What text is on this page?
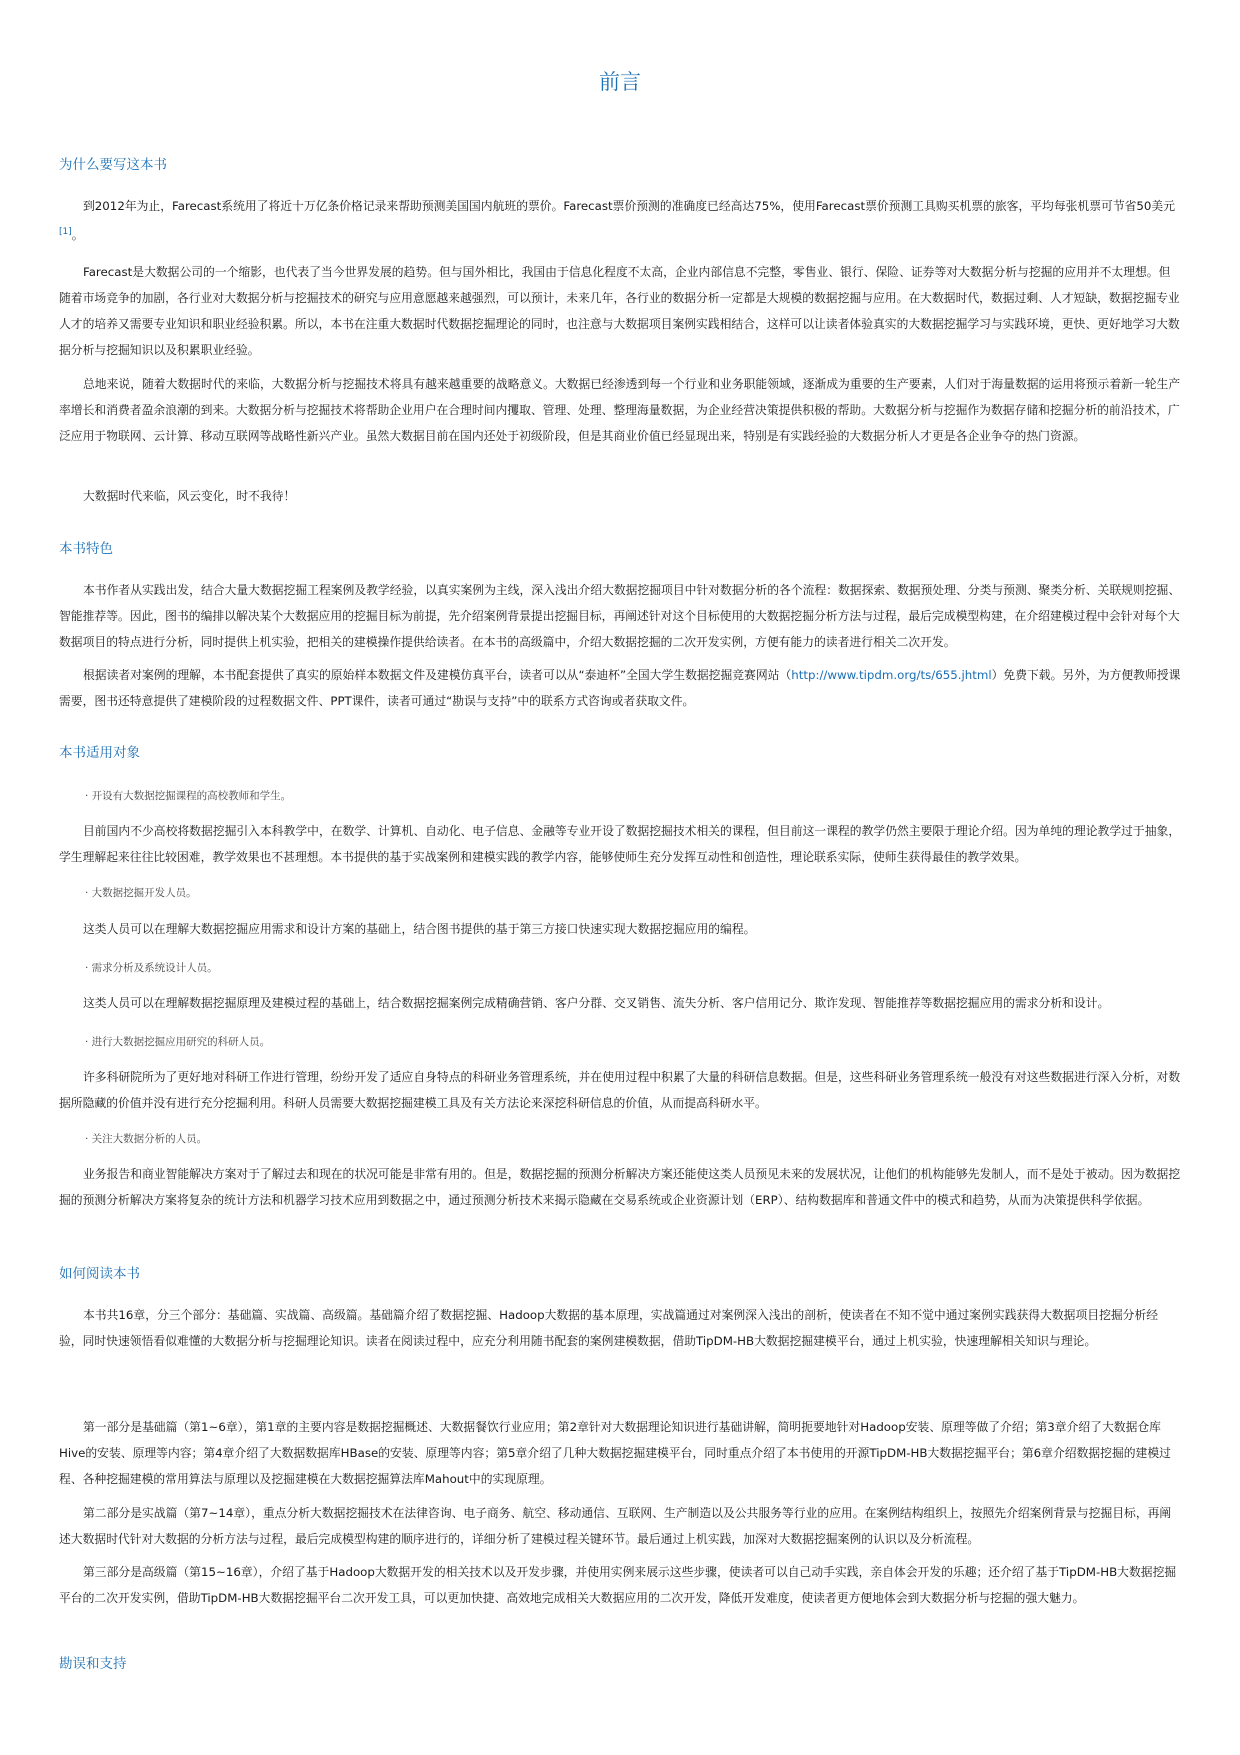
前言
为什么要写这本书

到2012年为止，Farecast系统用了将近十万亿条价格记录来帮助预测美国国内航班的票价。Farecast票价预测的准确度已经高达75%，使用Farecast票价预测工具购买机票的旅客，平均每张机票可节省50美元[1]。

Farecast是大数据公司的一个缩影，也代表了当今世界发展的趋势。但与国外相比，我国由于信息化程度不太高，企业内部信息不完整，零售业、银行、保险、证券等对大数据分析与挖掘的应用并不太理想。但随着市场竞争的加剧，各行业对大数据分析与挖掘技术的研究与应用意愿越来越强烈，可以预计，未来几年，各行业的数据分析一定都是大规模的数据挖掘与应用。在大数据时代，数据过剩、人才短缺，数据挖掘专业人才的培养又需要专业知识和职业经验积累。所以，本书在注重大数据时代数据挖掘理论的同时，也注意与大数据项目案例实践相结合，这样可以让读者体验真实的大数据挖掘学习与实践环境，更快、更好地学习大数据分析与挖掘知识以及积累职业经验。

总地来说，随着大数据时代的来临，大数据分析与挖掘技术将具有越来越重要的战略意义。大数据已经渗透到每一个行业和业务职能领域，逐渐成为重要的生产要素，人们对于海量数据的运用将预示着新一轮生产率增长和消费者盈余浪潮的到来。大数据分析与挖掘技术将帮助企业用户在合理时间内攫取、管理、处理、整理海量数据，为企业经营决策提供积极的帮助。大数据分析与挖掘作为数据存储和挖掘分析的前沿技术，广泛应用于物联网、云计算、移动互联网等战略性新兴产业。虽然大数据目前在国内还处于初级阶段，但是其商业价值已经显现出来，特别是有实践经验的大数据分析人才更是各企业争夺的热门资源。

大数据时代来临，风云变化，时不我待！

本书特色

本书作者从实践出发，结合大量大数据挖掘工程案例及教学经验，以真实案例为主线，深入浅出介绍大数据挖掘项目中针对数据分析的各个流程：数据探索、数据预处理、分类与预测、聚类分析、关联规则挖掘、智能推荐等。因此，图书的编排以解决某个大数据应用的挖掘目标为前提，先介绍案例背景提出挖掘目标，再阐述针对这个目标使用的大数据挖掘分析方法与过程，最后完成模型构建，在介绍建模过程中会针对每个大数据项目的特点进行分析，同时提供上机实验，把相关的建模操作提供给读者。在本书的高级篇中，介绍大数据挖掘的二次开发实例，方便有能力的读者进行相关二次开发。

根据读者对案例的理解，本书配套提供了真实的原始样本数据文件及建模仿真平台，读者可以从“泰迪杯”全国大学生数据挖掘竞赛网站（http://www.tipdm.org/ts/655.jhtml）免费下载。另外，为方便教师授课需要，图书还特意提供了建模阶段的过程数据文件、PPT课件，读者可通过“勘误与支持”中的联系方式咨询或者获取文件。

本书适用对象

· 开设有大数据挖掘课程的高校教师和学生。

目前国内不少高校将数据挖掘引入本科教学中，在数学、计算机、自动化、电子信息、金融等专业开设了数据挖掘技术相关的课程，但目前这一课程的教学仍然主要限于理论介绍。因为单纯的理论教学过于抽象，学生理解起来往往比较困难，教学效果也不甚理想。本书提供的基于实战案例和建模实践的教学内容，能够使师生充分发挥互动性和创造性，理论联系实际，使师生获得最佳的教学效果。

· 大数据挖掘开发人员。

这类人员可以在理解大数据挖掘应用需求和设计方案的基础上，结合图书提供的基于第三方接口快速实现大数据挖掘应用的编程。

· 需求分析及系统设计人员。

这类人员可以在理解数据挖掘原理及建模过程的基础上，结合数据挖掘案例完成精确营销、客户分群、交叉销售、流失分析、客户信用记分、欺诈发现、智能推荐等数据挖掘应用的需求分析和设计。

· 进行大数据挖掘应用研究的科研人员。

许多科研院所为了更好地对科研工作进行管理，纷纷开发了适应自身特点的科研业务管理系统，并在使用过程中积累了大量的科研信息数据。但是，这些科研业务管理系统一般没有对这些数据进行深入分析，对数据所隐藏的价值并没有进行充分挖掘利用。科研人员需要大数据挖掘建模工具及有关方法论来深挖科研信息的价值，从而提高科研水平。

· 关注大数据分析的人员。

业务报告和商业智能解决方案对于了解过去和现在的状况可能是非常有用的。但是，数据挖掘的预测分析解决方案还能使这类人员预见未来的发展状况，让他们的机构能够先发制人，而不是处于被动。因为数据挖掘的预测分析解决方案将复杂的统计方法和机器学习技术应用到数据之中，通过预测分析技术来揭示隐藏在交易系统或企业资源计划（ERP）、结构数据库和普通文件中的模式和趋势，从而为决策提供科学依据。

如何阅读本书

本书共16章，分三个部分：基础篇、实战篇、高级篇。基础篇介绍了数据挖掘、Hadoop大数据的基本原理，实战篇通过对案例深入浅出的剖析，使读者在不知不觉中通过案例实践获得大数据项目挖掘分析经验，同时快速领悟看似难懂的大数据分析与挖掘理论知识。读者在阅读过程中，应充分利用随书配套的案例建模数据，借助TipDM-HB大数据挖掘建模平台，通过上机实验，快速理解相关知识与理论。

第一部分是基础篇（第1~6章），第1章的主要内容是数据挖掘概述、大数据餐饮行业应用；第2章针对大数据理论知识进行基础讲解，简明扼要地针对Hadoop安装、原理等做了介绍；第3章介绍了大数据仓库Hive的安装、原理等内容；第4章介绍了大数据数据库HBase的安装、原理等内容；第5章介绍了几种大数据挖掘建模平台，同时重点介绍了本书使用的开源TipDM-HB大数据挖掘平台；第6章介绍数据挖掘的建模过程、各种挖掘建模的常用算法与原理以及挖掘建模在大数据挖掘算法库Mahout中的实现原理。

第二部分是实战篇（第7~14章），重点分析大数据挖掘技术在法律咨询、电子商务、航空、移动通信、互联网、生产制造以及公共服务等行业的应用。在案例结构组织上，按照先介绍案例背景与挖掘目标，再阐述大数据时代针对大数据的分析方法与过程，最后完成模型构建的顺序进行的，详细分析了建模过程关键环节。最后通过上机实践，加深对大数据挖掘案例的认识以及分析流程。

第三部分是高级篇（第15~16章），介绍了基于Hadoop大数据开发的相关技术以及开发步骤，并使用实例来展示这些步骤，使读者可以自己动手实践，亲自体会开发的乐趣；还介绍了基于TipDM-HB大数据挖掘平台的二次开发实例，借助TipDM-HB大数据挖掘平台二次开发工具，可以更加快捷、高效地完成相关大数据应用的二次开发，降低开发难度，使读者更方便地体会到大数据分析与挖掘的强大魅力。

勘误和支持
